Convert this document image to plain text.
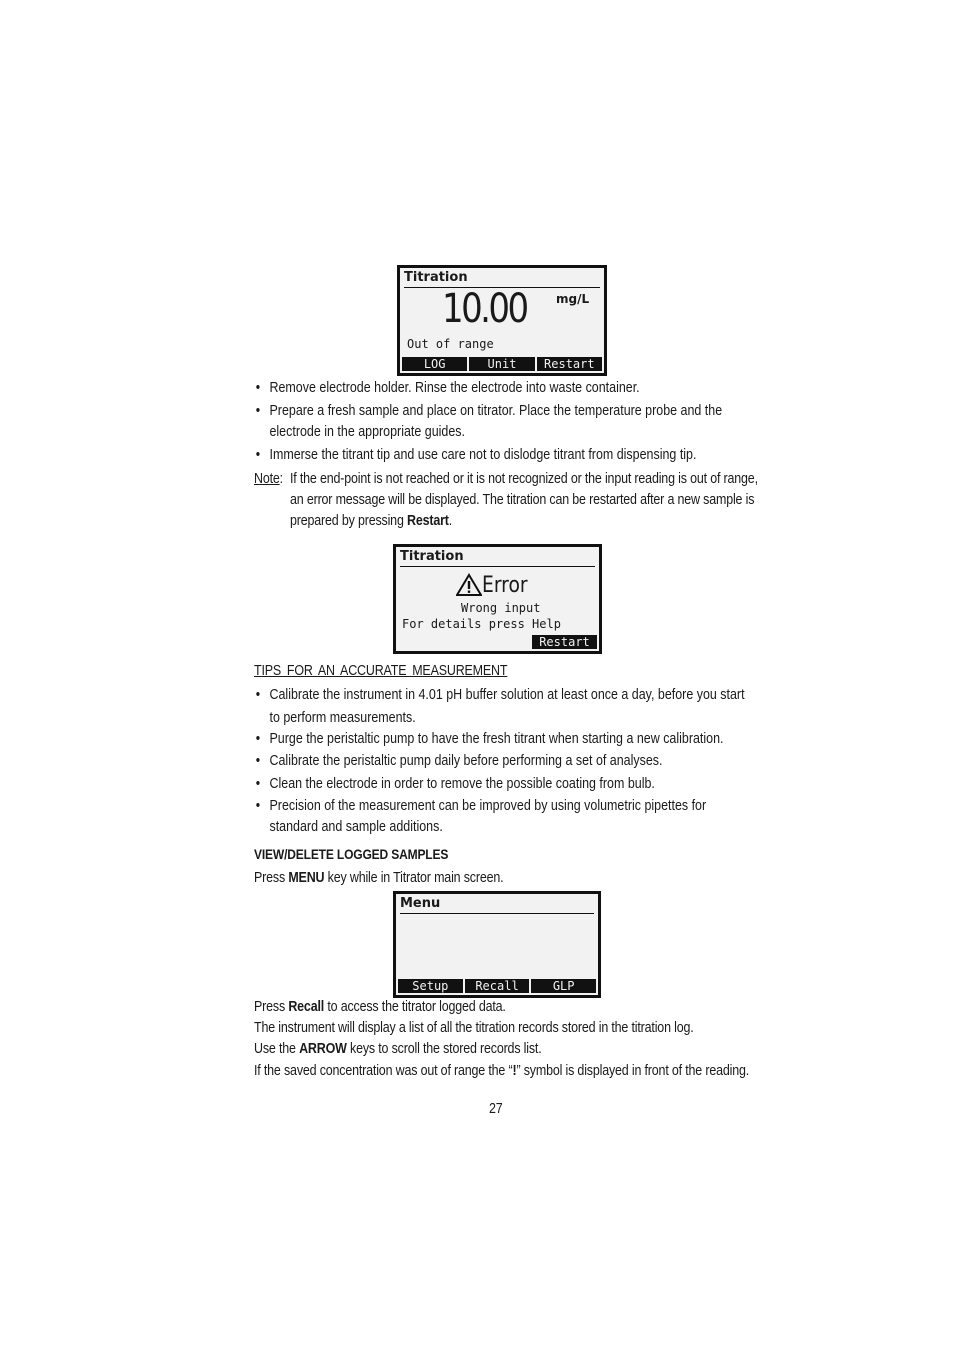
Titration
10.00 mg/L
Out of range
LOG	Unit	Restart
• Remove electrode holder. Rinse the electrode into waste container.
• Prepare a fresh sample and place on titrator. Place the temperature probe and the electrode in the appropriate guides.
• Immerse the titrant tip and use care not to dislodge titrant from dispensing tip.
Note: If the end-point is not reached or it is not recognized or the input reading is out of range,
an error message will be displayed. The titration can be restarted after a new sample is
prepared by pressing Restart.
Titration
Error
Wrong input
For details press Help
Restart
TIPS FOR AN ACCURATE MEASUREMENT
• Calibrate the instrument in 4.01 pH buffer solution at least once a day, before you start to perform measurements.
• Purge the peristaltic pump to have the fresh titrant when starting a new calibration.
• Calibrate the peristaltic pump daily before performing a set of analyses.
• Clean the electrode in order to remove the possible coating from bulb.
• Precision of the measurement can be improved by using volumetric pipettes for standard and sample additions.
VIEW/DELETE LOGGED SAMPLES
Press MENU key while in Titrator main screen.
Menu
Setup	Recall	GLP
Press Recall to access the titrator logged data.
The instrument will display a list of all the titration records stored in the titration log.
Use the ARROW keys to scroll the stored records list.
If the saved concentration was out of range the “!” symbol is displayed in front of the reading.
27
